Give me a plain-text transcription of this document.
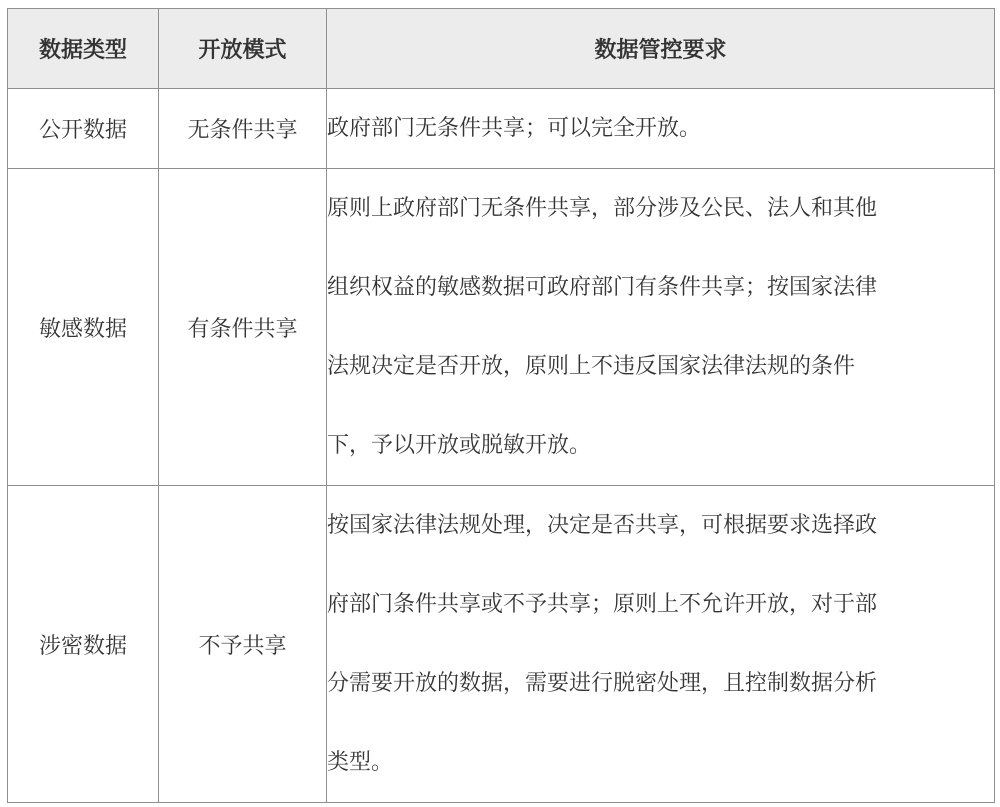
数据类型	开放模式	数据管控要求
公开数据	无条件共享	政府部门无条件共享；可以完全开放。

敏感数据	有条件共享	原则上政府部门无条件共享，部分涉及公民、法人和其他
组织权益的敏感数据可政府部门有条件共享；按国家法律
法规决定是否开放，原则上不违反国家法律法规的条件
下，予以开放或脱敏开放。

涉密数据	不予共享	按国家法律法规处理，决定是否共享，可根据要求选择政
府部门条件共享或不予共享；原则上不允许开放，对于部
分需要开放的数据，需要进行脱密处理，且控制数据分析
类型。
